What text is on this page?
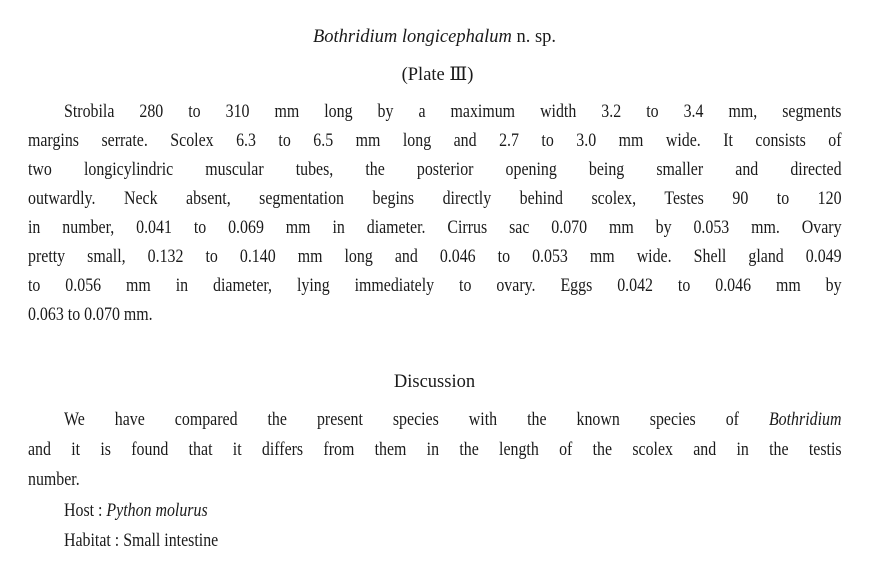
Bothridium longicephalum n. sp.
(Plate Ⅲ)
Strobila 280 to 310 mm long by a maximum width 3.2 to 3.4 mm, segments
margins serrate. Scolex 6.3 to 6.5 mm long and 2.7 to 3.0 mm wide. It consists of
two longicylindric muscular tubes, the posterior opening being smaller and directed
outwardly. Neck absent, segmentation begins directly behind scolex, Testes 90 to 120
in number, 0.041 to 0.069 mm in diameter. Cirrus sac 0.070 mm by 0.053 mm. Ovary
pretty small, 0.132 to 0.140 mm long and 0.046 to 0.053 mm wide. Shell gland 0.049
to 0.056 mm in diameter, lying immediately to ovary. Eggs 0.042 to 0.046 mm by
0.063 to 0.070 mm.
Discussion
We have compared the present species with the known species of Bothridium
and it is found that it differs from them in the length of the scolex and in the testis
number.
Host : Python molurus
Habitat : Small intestine
